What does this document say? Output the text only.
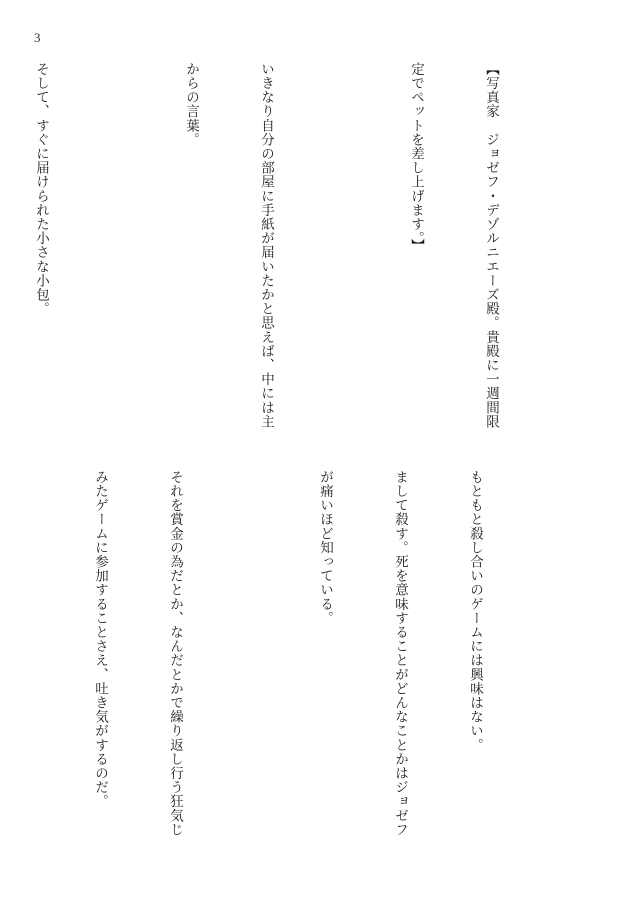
3

【写真家　ジョゼフ・デゾルニエーズ殿。貴殿に一週間限

定でペットを差し上げます。】

いきなり自分の部屋に手紙が届いたかと思えば、中には主

からの言葉。

そして、すぐに届けられた小さな小包。

もともと殺し合いのゲームには興味はない。

まして殺す。死を意味することがどんなことかはジョゼフ

が痛いほど知っている。

それを賞金の為だとか、なんだとかで繰り返し行う狂気じ

みたゲームに参加することさえ、吐き気がするのだ。
